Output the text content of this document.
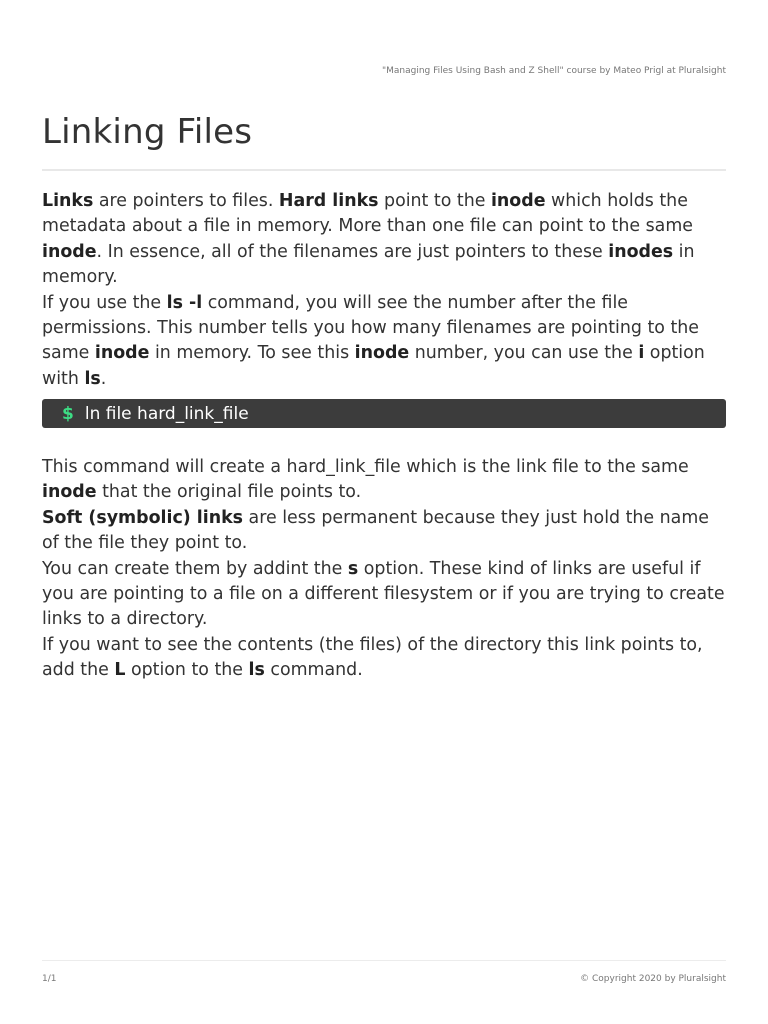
"Managing Files Using Bash and Z Shell" course by Mateo Prigl at Pluralsight
Linking Files

Links are pointers to files. Hard links point to the inode which holds the metadata about a file in memory. More than one file can point to the same inode. In essence, all of the filenames are just pointers to these inodes in memory.
If you use the ls -l command, you will see the number after the file permissions. This number tells you how many filenames are pointing to the same inode in memory. To see this inode number, you can use the i option with ls.

$ ln file hard_link_file

This command will create a hard_link_file which is the link file to the same inode that the original file points to.
Soft (symbolic) links are less permanent because they just hold the name of the file they point to.
You can create them by addint the s option. These kind of links are useful if you are pointing to a file on a different filesystem or if you are trying to create links to a directory.
If you want to see the contents (the files) of the directory this link points to, add the L option to the ls command.

1/1	© Copyright 2020 by Pluralsight
